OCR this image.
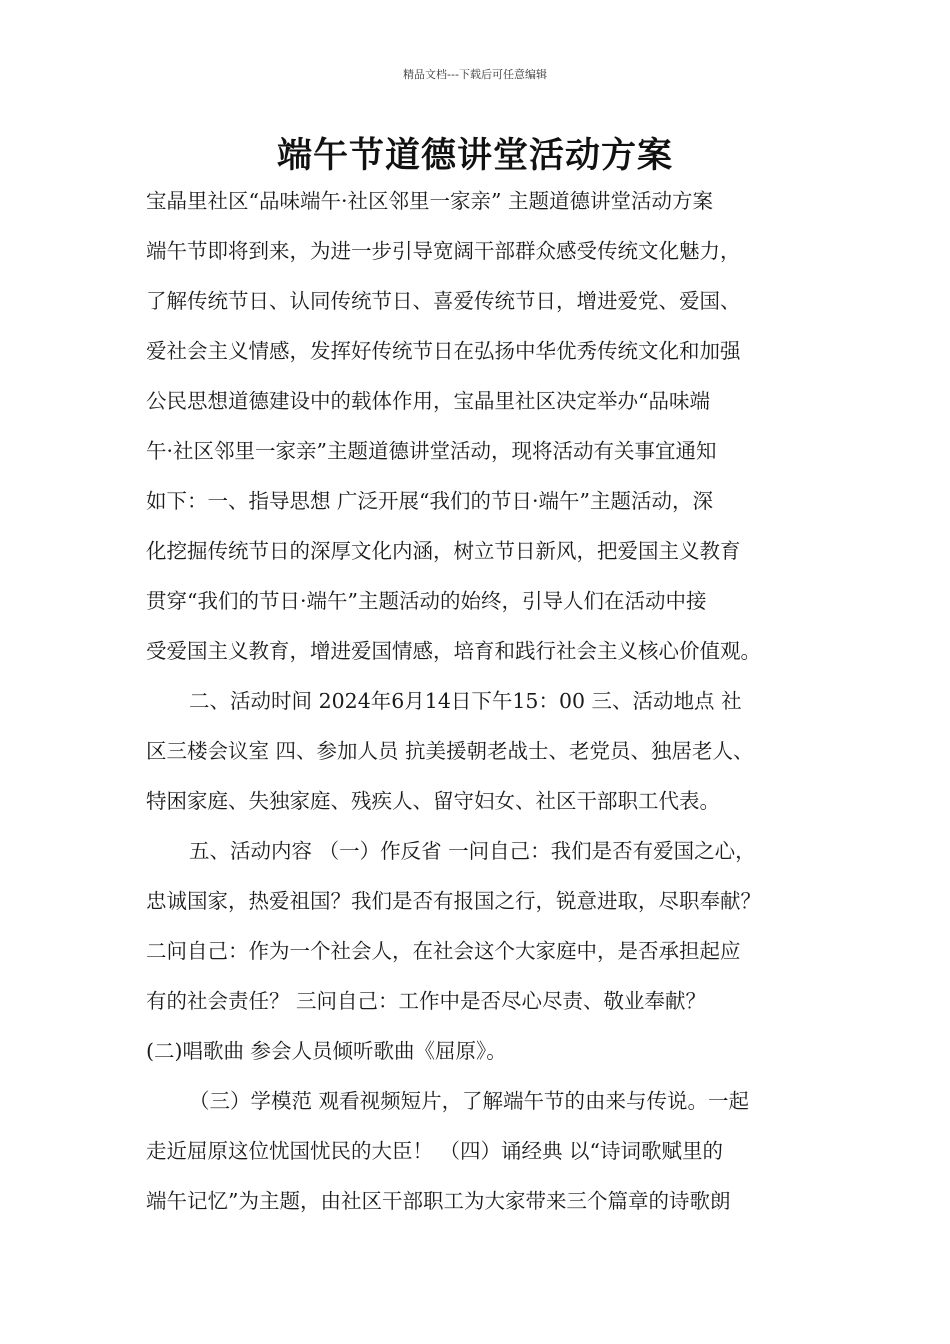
精品文档---下载后可任意编辑
端午节道德讲堂活动方案
宝晶里社区“品味端午·社区邻里一家亲” 主题道德讲堂活动方案
端午节即将到来，为进一步引导宽阔干部群众感受传统文化魅力，
了解传统节日、认同传统节日、喜爱传统节日，增进爱党、爱国、
爱社会主义情感，发挥好传统节日在弘扬中华优秀传统文化和加强
公民思想道德建设中的载体作用，宝晶里社区决定举办“品味端
午·社区邻里一家亲”主题道德讲堂活动，现将活动有关事宜通知
如下：一、指导思想 广泛开展“我们的节日·端午”主题活动，深
化挖掘传统节日的深厚文化内涵，树立节日新风，把爱国主义教育
贯穿“我们的节日·端午”主题活动的始终，引导人们在活动中接
受爱国主义教育，增进爱国情感，培育和践行社会主义核心价值观。
二、活动时间 2024年6月14日下午15：00 三、活动地点 社
区三楼会议室 四、参加人员 抗美援朝老战士、老党员、独居老人、
特困家庭、失独家庭、残疾人、留守妇女、社区干部职工代表。
五、活动内容 （一）作反省 一问自己：我们是否有爱国之心，
忠诚国家，热爱祖国？我们是否有报国之行，锐意进取，尽职奉献？
二问自己：作为一个社会人，在社会这个大家庭中，是否承担起应
有的社会责任？ 三问自己：工作中是否尽心尽责、敬业奉献？
(二)唱歌曲 参会人员倾听歌曲《屈原》。
（三）学模范 观看视频短片，了解端午节的由来与传说。一起
走近屈原这位忧国忧民的大臣！ （四）诵经典 以“诗词歌赋里的
端午记忆”为主题，由社区干部职工为大家带来三个篇章的诗歌朗
